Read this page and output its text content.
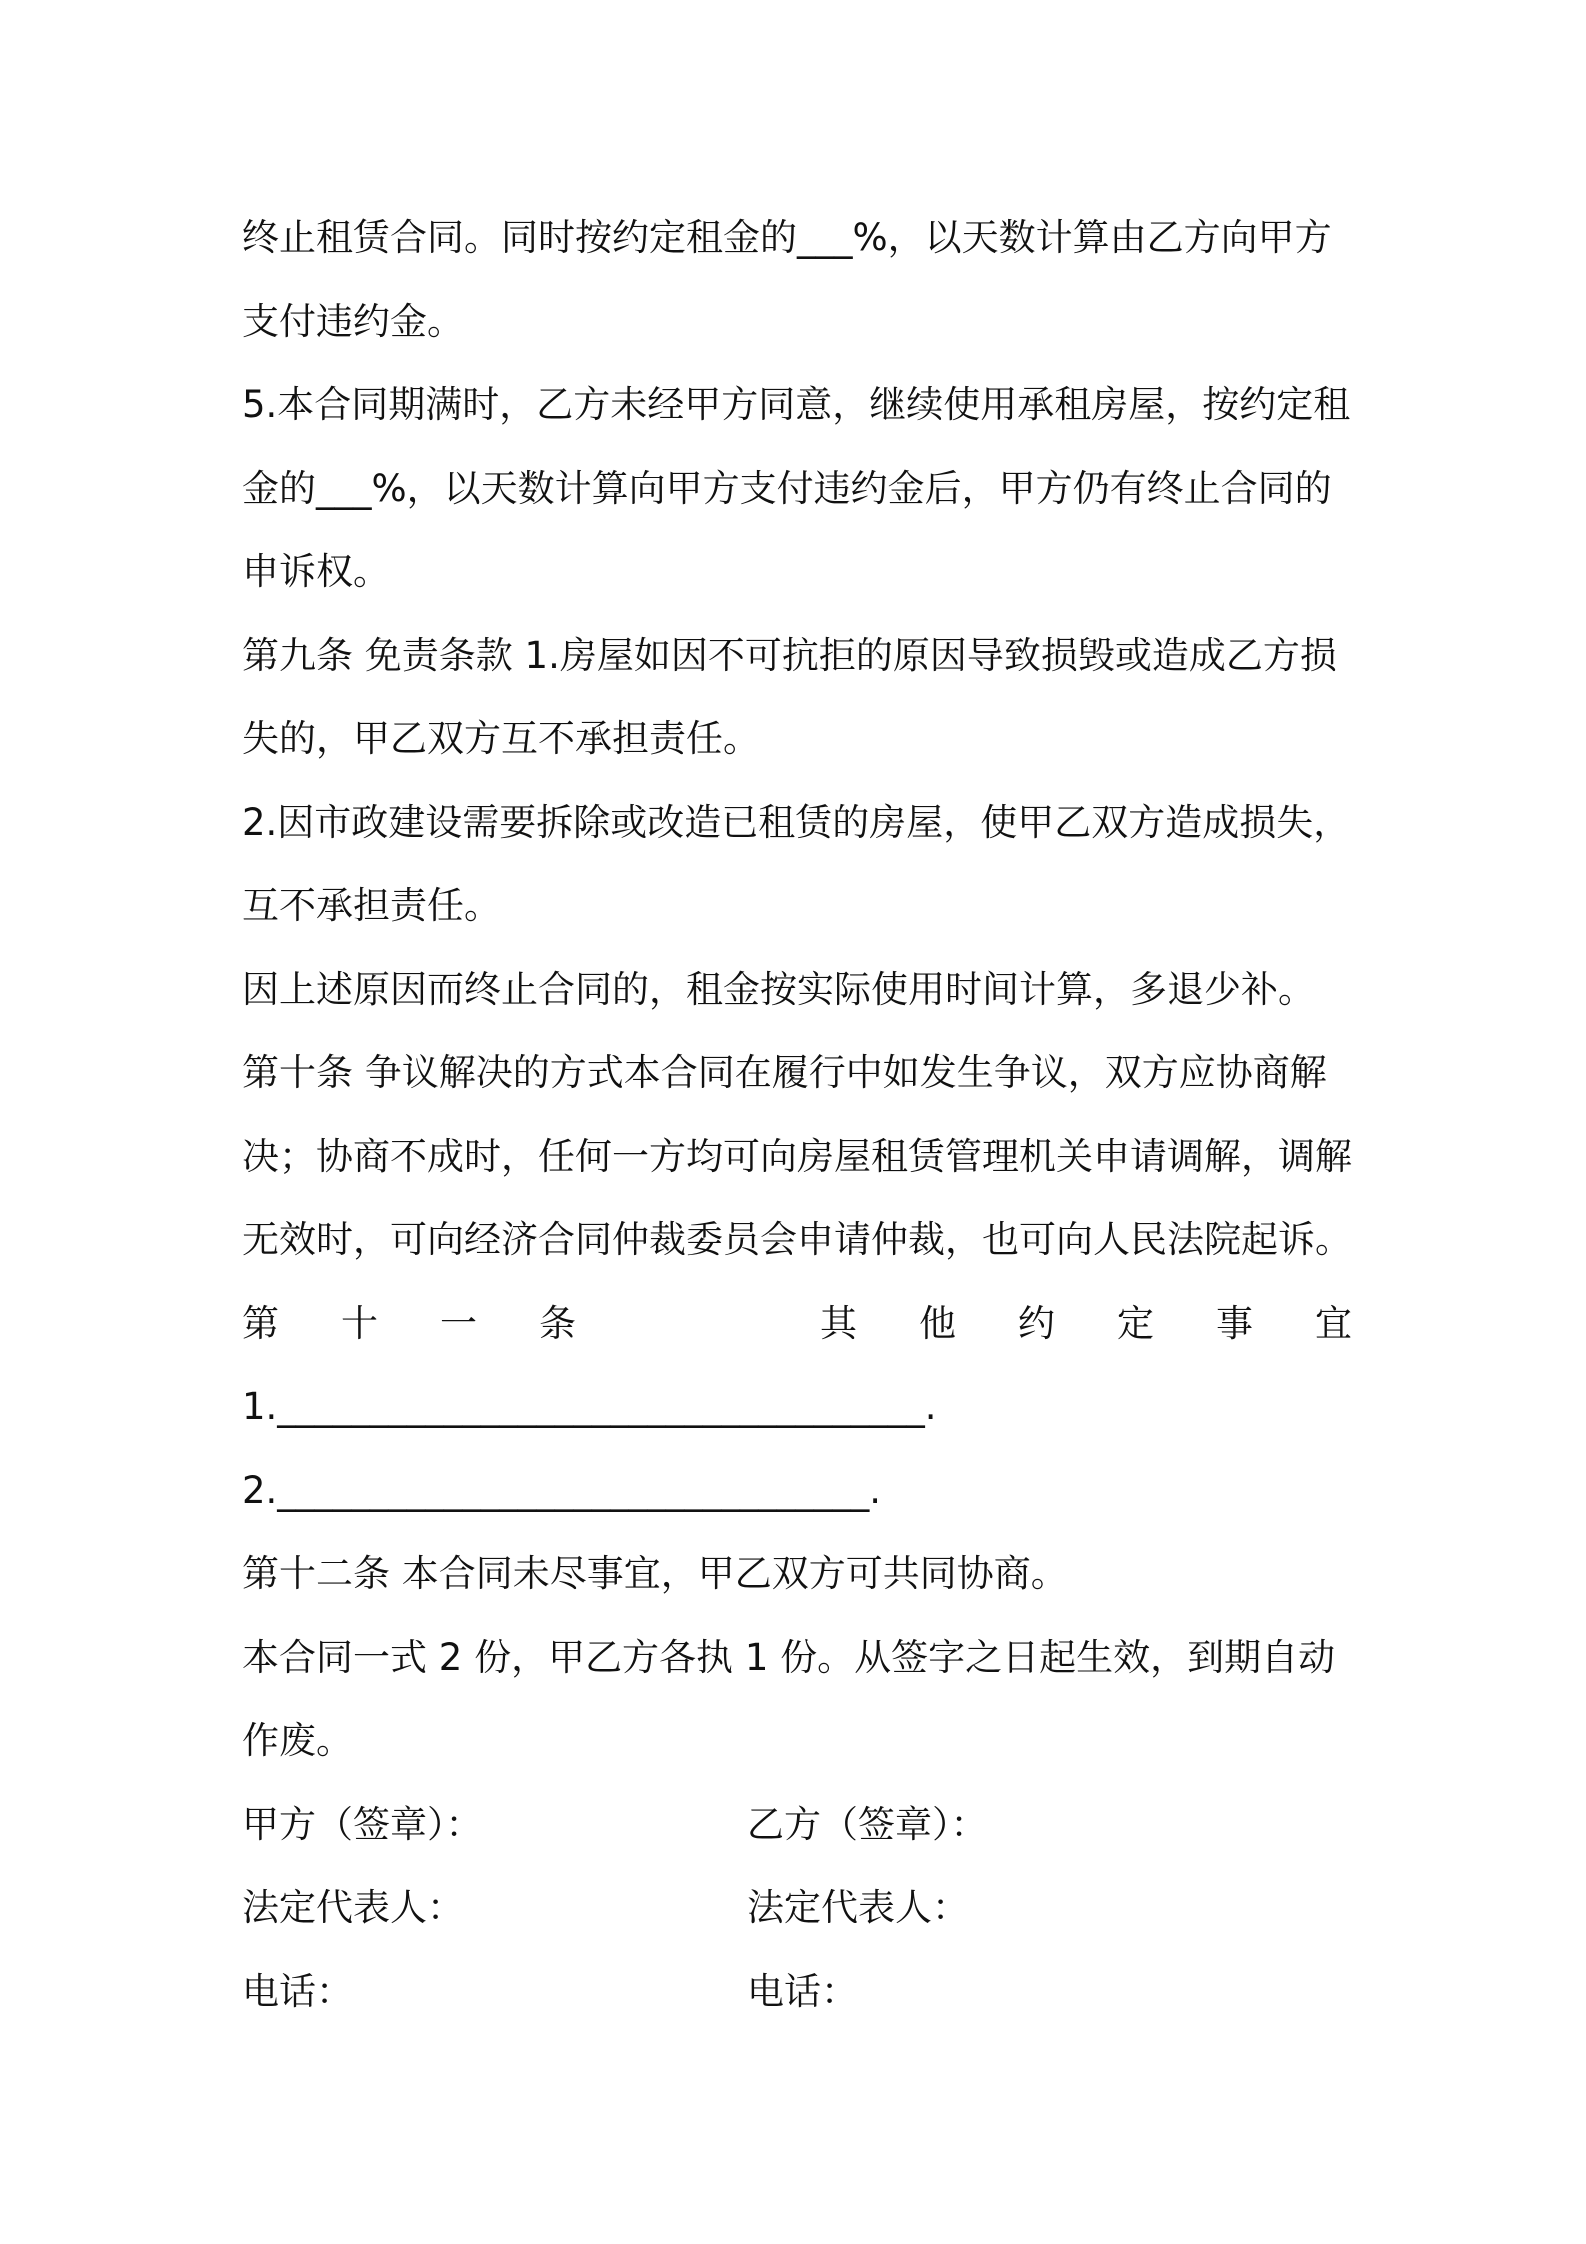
终止租赁合同。同时按约定租金的___%，以天数计算由乙方向甲方
支付违约金。
5.本合同期满时，乙方未经甲方同意，继续使用承租房屋，按约定租
金的___%，以天数计算向甲方支付违约金后，甲方仍有终止合同的
申诉权。
第九条 免责条款 1.房屋如因不可抗拒的原因导致损毁或造成乙方损
失的，甲乙双方互不承担责任。
2.因市政建设需要拆除或改造已租赁的房屋，使甲乙双方造成损失，
互不承担责任。
因上述原因而终止合同的，租金按实际使用时间计算，多退少补。
第十条 争议解决的方式本合同在履行中如发生争议，双方应协商解
决；协商不成时，任何一方均可向房屋租赁管理机关申请调解，调解
无效时，可向经济合同仲裁委员会申请仲裁，也可向人民法院起诉。
第 十 一 条	其 他 约 定 事 宜
1.___________________________________.
2.________________________________.
第十二条 本合同未尽事宜，甲乙双方可共同协商。
本合同一式 2 份，甲乙方各执 1 份。从签字之日起生效，到期自动
作废。
甲方（签章）：	乙方（签章）：
法定代表人：	法定代表人：
电话：	电话：
